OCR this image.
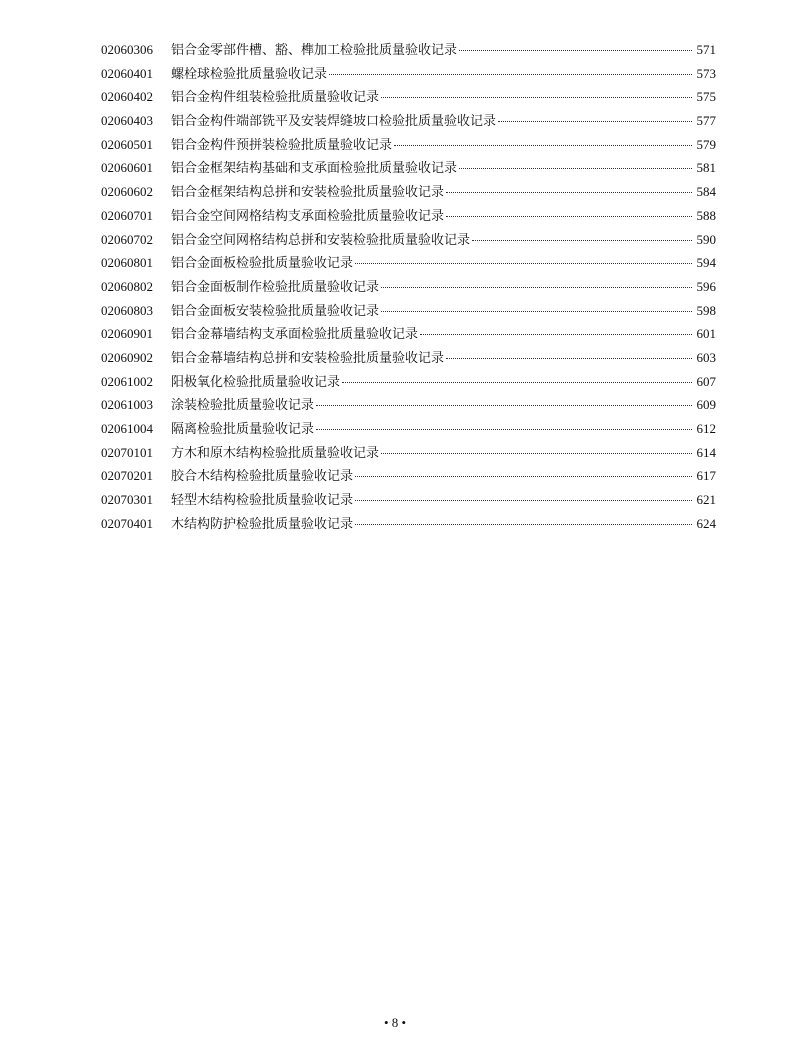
02060306	铝合金零部件槽、豁、榫加工检验批质量验收记录	571
02060401	螺栓球检验批质量验收记录	573
02060402	铝合金构件组装检验批质量验收记录	575
02060403	铝合金构件端部铣平及安装焊缝坡口检验批质量验收记录	577
02060501	铝合金构件预拼装检验批质量验收记录	579
02060601	铝合金框架结构基础和支承面检验批质量验收记录	581
02060602	铝合金框架结构总拼和安装检验批质量验收记录	584
02060701	铝合金空间网格结构支承面检验批质量验收记录	588
02060702	铝合金空间网格结构总拼和安装检验批质量验收记录	590
02060801	铝合金面板检验批质量验收记录	594
02060802	铝合金面板制作检验批质量验收记录	596
02060803	铝合金面板安装检验批质量验收记录	598
02060901	铝合金幕墙结构支承面检验批质量验收记录	601
02060902	铝合金幕墙结构总拼和安装检验批质量验收记录	603
02061002	阳极氧化检验批质量验收记录	607
02061003	涂装检验批质量验收记录	609
02061004	隔离检验批质量验收记录	612
02070101	方木和原木结构检验批质量验收记录	614
02070201	胶合木结构检验批质量验收记录	617
02070301	轻型木结构检验批质量验收记录	621
02070401	木结构防护检验批质量验收记录	624
• 8 •
